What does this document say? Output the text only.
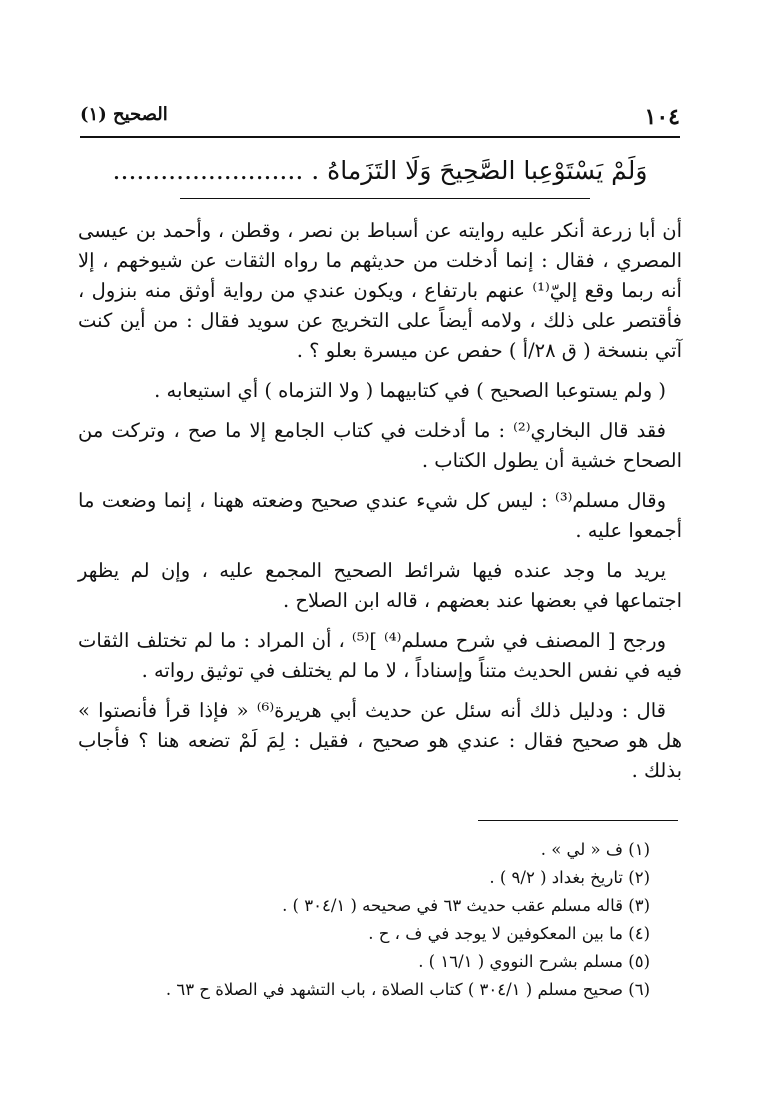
١٠٤
(١) الصحيح
وَلَمْ يَسْتَوْعِبا الصَّحِيحَ وَلَا التَزَماهُ . ........................

أن أبا زرعة أنكر عليه روايته عن أسباط بن نصر ، وقطن ، وأحمد بن عيسى المصري ، فقال : إنما أدخلت من حديثهم ما رواه الثقات عن شيوخهم ، إلا أنه ربما وقع إليّ⁽¹⁾ عنهم بارتفاع ، ويكون عندي من رواية أوثق منه بنزول ، فأقتصر على ذلك ، ولامه أيضاً على التخريج عن سويد فقال : من أين كنت آتي بنسخة ( ق ٢٨/أ ) حفص عن ميسرة بعلو ؟ .

( ولم يستوعبا الصحيح ) في كتابيهما ( ولا التزماه ) أي استيعابه .

فقد قال البخاري⁽²⁾ : ما أدخلت في كتاب الجامع إلا ما صح ، وتركت من الصحاح خشية أن يطول الكتاب .

وقال مسلم⁽³⁾ : ليس كل شيء عندي صحيح وضعته ههنا ، إنما وضعت ما أجمعوا عليه .

يريد ما وجد عنده فيها شرائط الصحيح المجمع عليه ، وإن لم يظهر اجتماعها في بعضها عند بعضهم ، قاله ابن الصلاح .

ورجح [ المصنف في شرح مسلم⁽⁴⁾ ]⁽⁵⁾ ، أن المراد : ما لم تختلف الثقات فيه في نفس الحديث متناً وإسناداً ، لا ما لم يختلف في توثيق رواته .

قال : ودليل ذلك أنه سئل عن حديث أبي هريرة⁽⁶⁾ « فإذا قرأ فأنصتوا » هل هو صحيح فقال : عندي هو صحيح ، فقيل : لِمَ لَمْ تضعه هنا ؟ فأجاب بذلك .

(١) ف « لي » .
(٢) تاريخ بغداد ( ٩/٢ ) .
(٣) قاله مسلم عقب حديث ٦٣ في صحيحه ( ٣٠٤/١ ) .
(٤) ما بين المعكوفين لا يوجد في ف ، ح .
(٥) مسلم بشرح النووي ( ١٦/١ ) .
(٦) صحيح مسلم ( ٣٠٤/١ ) كتاب الصلاة ، باب التشهد في الصلاة ح ٦٣ .
